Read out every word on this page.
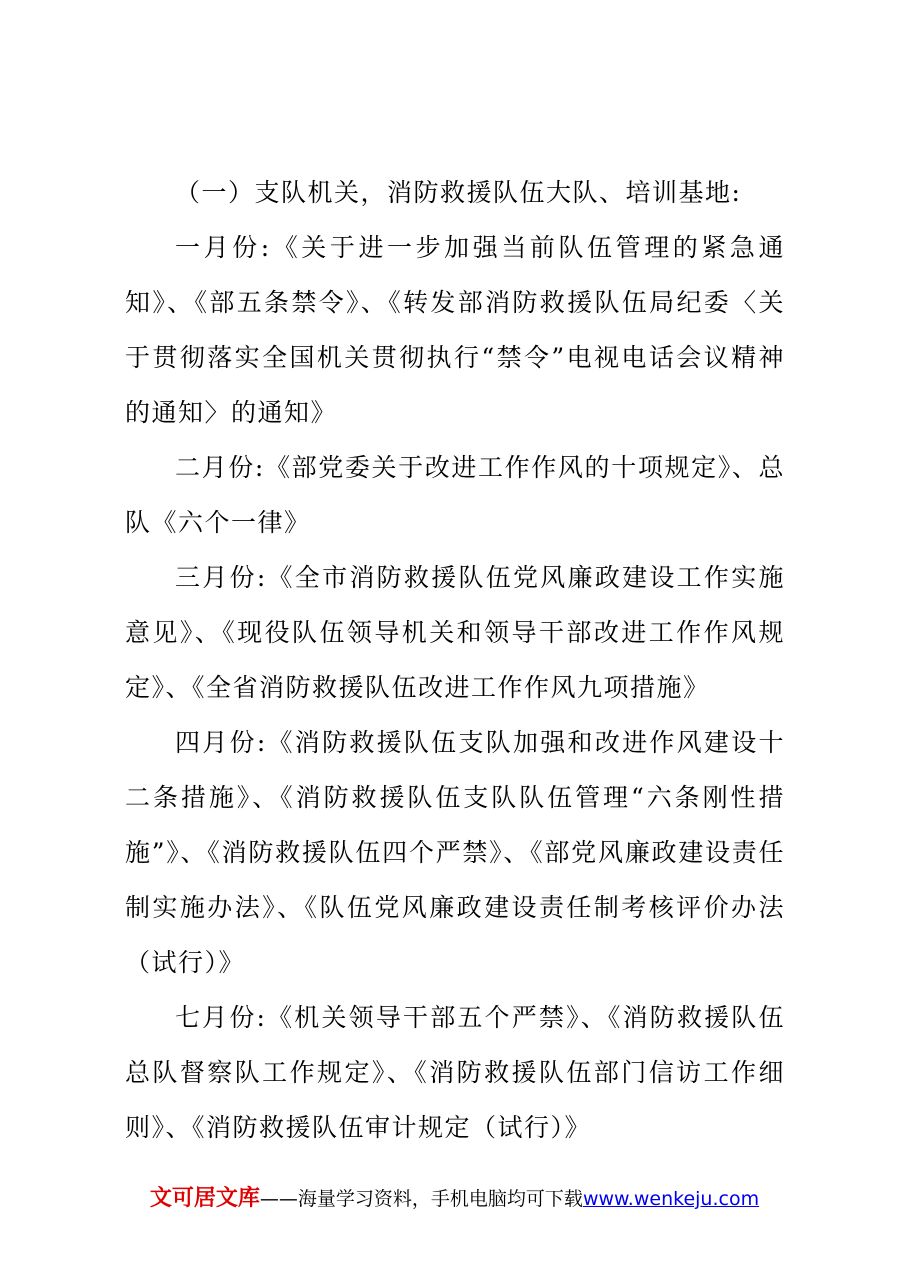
（一）支队机关，消防救援队伍大队、培训基地:

一月份:《关于进一步加强当前队伍管理的紧急通知》、《部五条禁令》、《转发部消防救援队伍局纪委〈关于贯彻落实全国机关贯彻执行“禁令”电视电话会议精神的通知〉的通知》

二月份:《部党委关于改进工作作风的十项规定》、总队《六个一律》

三月份:《全市消防救援队伍党风廉政建设工作实施意见》、《现役队伍领导机关和领导干部改进工作作风规定》、《全省消防救援队伍改进工作作风九项措施》

四月份:《消防救援队伍支队加强和改进作风建设十二条措施》、《消防救援队伍支队队伍管理“六条刚性措施”》、《消防救援队伍四个严禁》、《部党风廉政建设责任制实施办法》、《队伍党风廉政建设责任制考核评价办法（试行）》

七月份:《机关领导干部五个严禁》、《消防救援队伍总队督察队工作规定》、《消防救援队伍部门信访工作细则》、《消防救援队伍审计规定（试行）》

文可居文库——海量学习资料，手机电脑均可下载www.wenkeju.com
